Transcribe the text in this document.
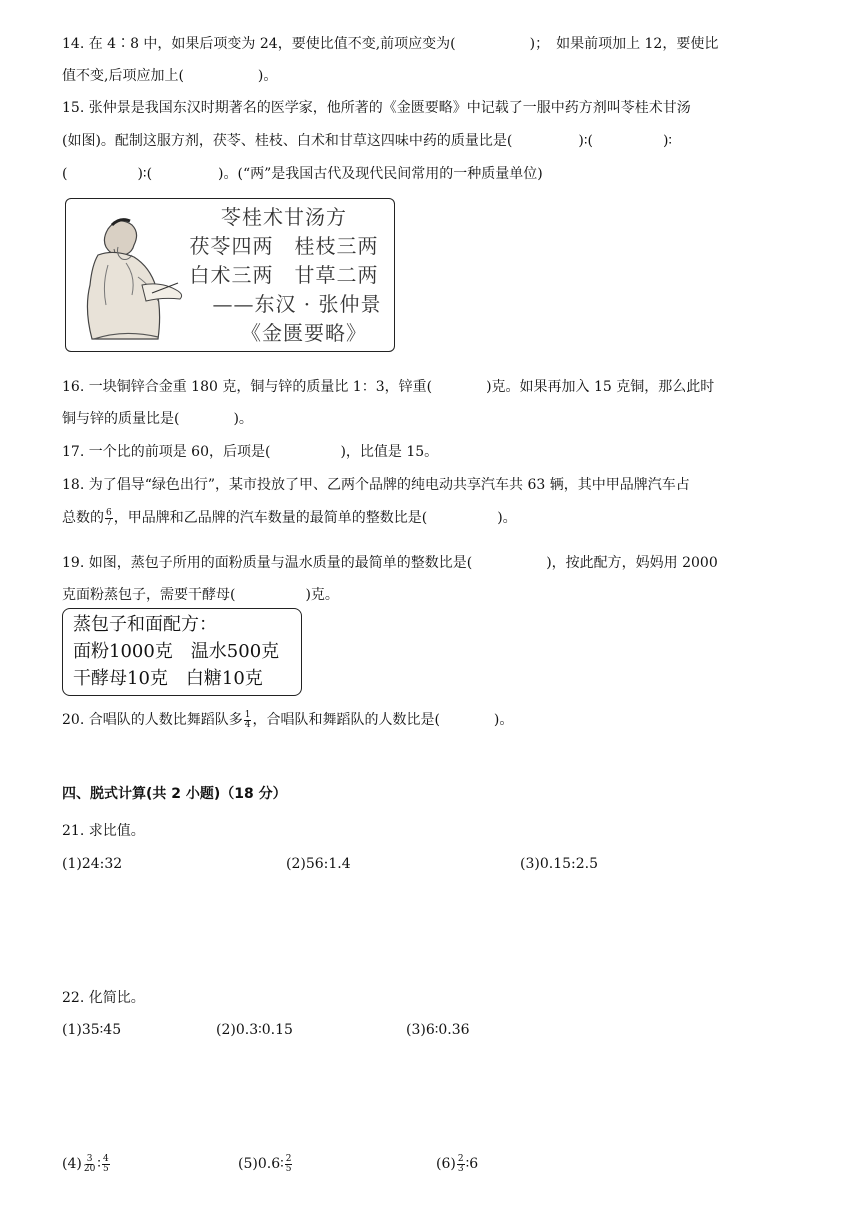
14. 在 4∶8 中，如果后项变为 24，要使比值不变,前项应变为(	)；　如果前项加上 12，要使比
值不变,后项应加上(	)。
15. 张仲景是我国东汉时期著名的医学家，他所著的《金匮要略》中记载了一服中药方剂叫苓桂术甘汤
(如图)。配制这服方剂，茯苓、桂枝、白术和甘草这四味中药的质量比是(	)∶(	)∶
(	)∶(	)。(“两”是我国古代及现代民间常用的一种质量单位)
苓桂术甘汤方
茯苓四两　桂枝三两
白术三两　甘草二两
——东汉 · 张仲景
《金匮要略》
16. 一块铜锌合金重 180 克，铜与锌的质量比 1：3，锌重(	)克。如果再加入 15 克铜，那么此时
铜与锌的质量比是(	)。
17. 一个比的前项是 60，后项是(	)，比值是 15。
18. 为了倡导“绿色出行”，某市投放了甲、乙两个品牌的纯电动共享汽车共 63 辆，其中甲品牌汽车占
总数的 $\frac{6}{7}$ ，甲品牌和乙品牌的汽车数量的最简单的整数比是(	)。
19. 如图，蒸包子所用的面粉质量与温水质量的最简单的整数比是(	)，按此配方，妈妈用 2000
克面粉蒸包子，需要干酵母(	)克。
蒸包子和面配方：
面粉1000克　温水500克
干酵母10克　白糖10克
20. 合唱队的人数比舞蹈队多 $\frac{1}{4}$ ，合唱队和舞蹈队的人数比是(	)。
四、脱式计算(共 2 小题)（18 分）
21. 求比值。
(1)24:32	(2)56:1.4	(3)0.15:2.5
22. 化简比。
(1)35∶45	(2)0.3∶0.15	(3)6∶0.36
$(4) \frac{3}{20}$ ∶ $\frac{4}{5}$	(5)0.6∶ $\frac{2}{5}$	$(6) \frac{2}{3}$ ∶6
